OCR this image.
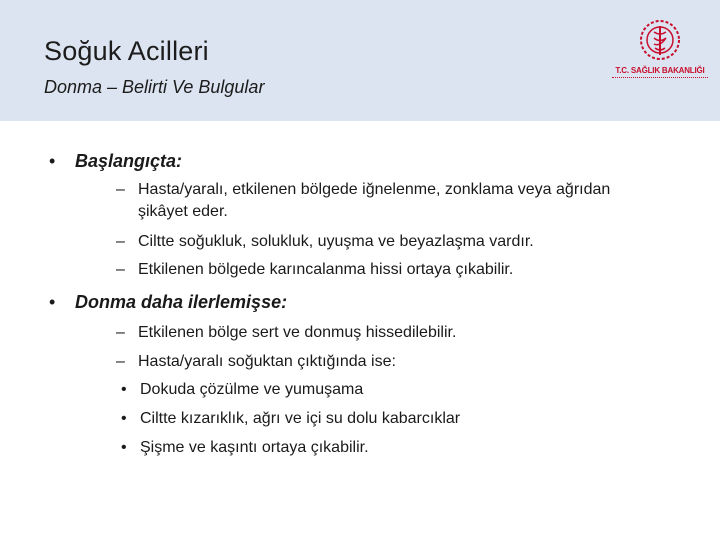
Soğuk Acilleri
Donma – Belirti Ve Bulgular
T.C. SAĞLIK BAKANLIĞI
• Başlangıçta:
– Hasta/yaralı, etkilenen bölgede iğnelenme, zonklama veya ağrıdan şikâyet eder.
– Ciltte soğukluk, solukluk, uyuşma ve beyazlaşma vardır.
– Etkilenen bölgede karıncalanma hissi ortaya çıkabilir.
• Donma daha ilerlemişse:
– Etkilenen bölge sert ve donmuş hissedilebilir.
– Hasta/yaralı soğuktan çıktığında ise:
• Dokuda çözülme ve yumuşama
• Ciltte kızarıklık, ağrı ve içi su dolu kabarcıklar
• Şişme ve kaşıntı ortaya çıkabilir.
